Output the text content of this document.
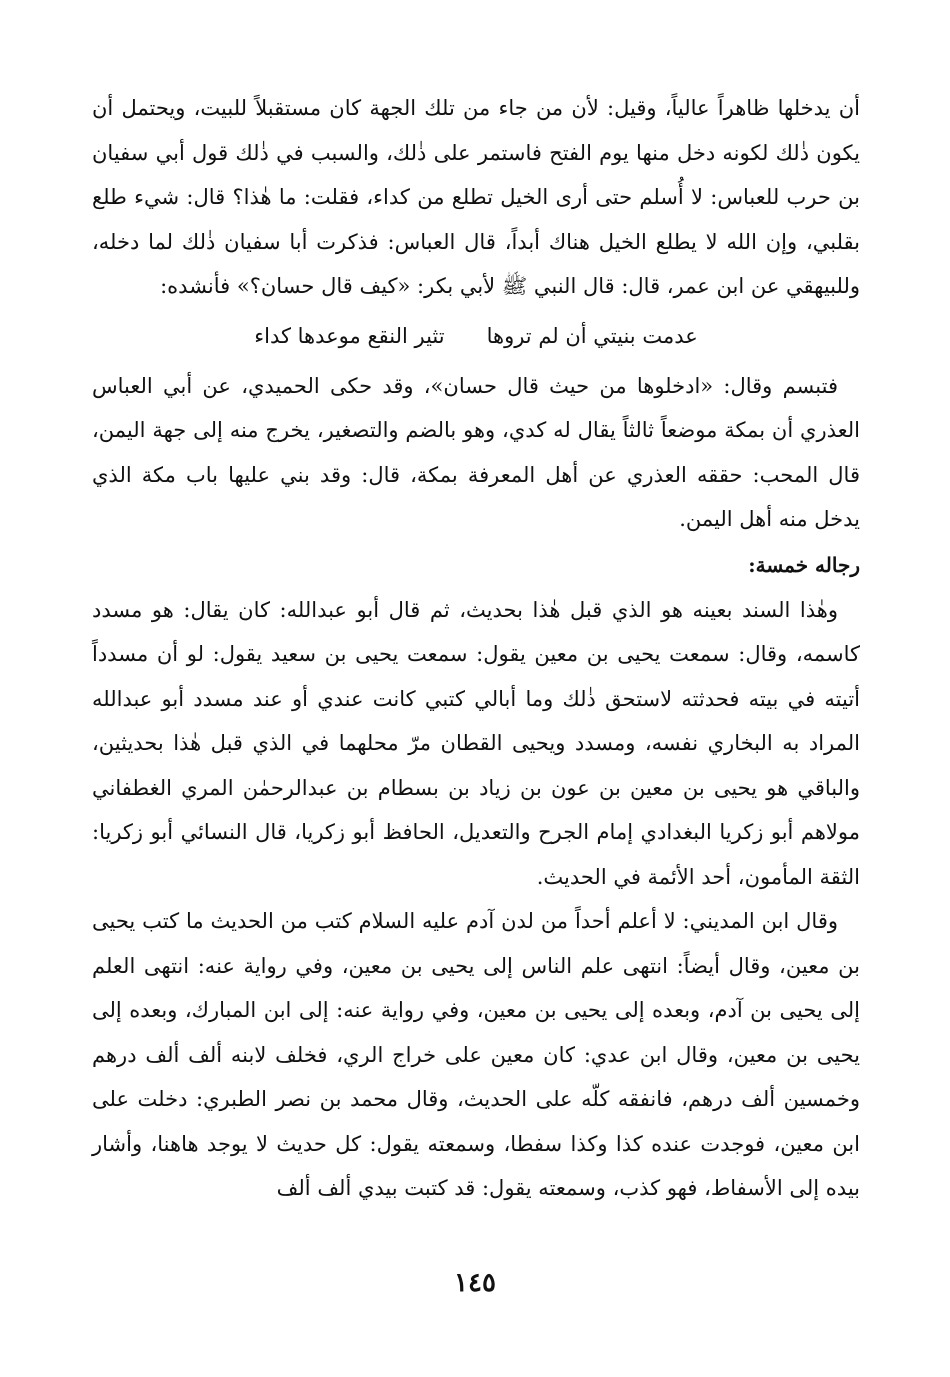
أن يدخلها ظاهراً عالياً، وقيل: لأن من جاء من تلك الجهة كان مستقبلاً للبيت، ويحتمل أن يكون ذٰلك لكونه دخل منها يوم الفتح فاستمر على ذٰلك، والسبب في ذٰلك قول أبي سفيان بن حرب للعباس: لا أُسلم حتى أرى الخيل تطلع من كداء، فقلت: ما هٰذا؟ قال: شيء طلع بقلبي، وإن الله لا يطلع الخيل هناك أبداً، قال العباس: فذكرت أبا سفيان ذٰلك لما دخله، وللبيهقي عن ابن عمر، قال: قال النبي ﷺ لأبي بكر: «كيف قال حسان؟» فأنشده:

عدمت بنيتي أن لم تروها
تثير النقع موعدها كداء

فتبسم وقال: «ادخلوها من حيث قال حسان»، وقد حكى الحميدي، عن أبي العباس العذري أن بمكة موضعاً ثالثاً يقال له كدي، وهو بالضم والتصغير، يخرج منه إلى جهة اليمن، قال المحب: حققه العذري عن أهل المعرفة بمكة، قال: وقد بني عليها باب مكة الذي يدخل منه أهل اليمن.

رجاله خمسة:

وهٰذا السند بعينه هو الذي قبل هٰذا بحديث، ثم قال أبو عبدالله: كان يقال: هو مسدد كاسمه، وقال: سمعت يحيى بن معين يقول: سمعت يحيى بن سعيد يقول: لو أن مسدداً أتيته في بيته فحدثته لاستحق ذٰلك وما أبالي كتبي كانت عندي أو عند مسدد أبو عبدالله المراد به البخاري نفسه، ومسدد ويحيى القطان مرّ محلهما في الذي قبل هٰذا بحديثين، والباقي هو يحيى بن معين بن عون بن زياد بن بسطام بن عبدالرحمٰن المري الغطفاني مولاهم أبو زكريا البغدادي إمام الجرح والتعديل، الحافظ أبو زكريا، قال النسائي أبو زكريا: الثقة المأمون، أحد الأئمة في الحديث.

وقال ابن المديني: لا أعلم أحداً من لدن آدم عليه السلام كتب من الحديث ما كتب يحيى بن معين، وقال أيضاً: انتهى علم الناس إلى يحيى بن معين، وفي رواية عنه: انتهى العلم إلى يحيى بن آدم، وبعده إلى يحيى بن معين، وفي رواية عنه: إلى ابن المبارك، وبعده إلى يحيى بن معين، وقال ابن عدي: كان معين على خراج الري، فخلف لابنه ألف ألف درهم وخمسين ألف درهم، فانفقه كلّه على الحديث، وقال محمد بن نصر الطبري: دخلت على ابن معين، فوجدت عنده كذا وكذا سفطا، وسمعته يقول: كل حديث لا يوجد هاهنا، وأشار بيده إلى الأسفاط، فهو كذب، وسمعته يقول: قد كتبت بيدي ألف ألف

١٤٥
